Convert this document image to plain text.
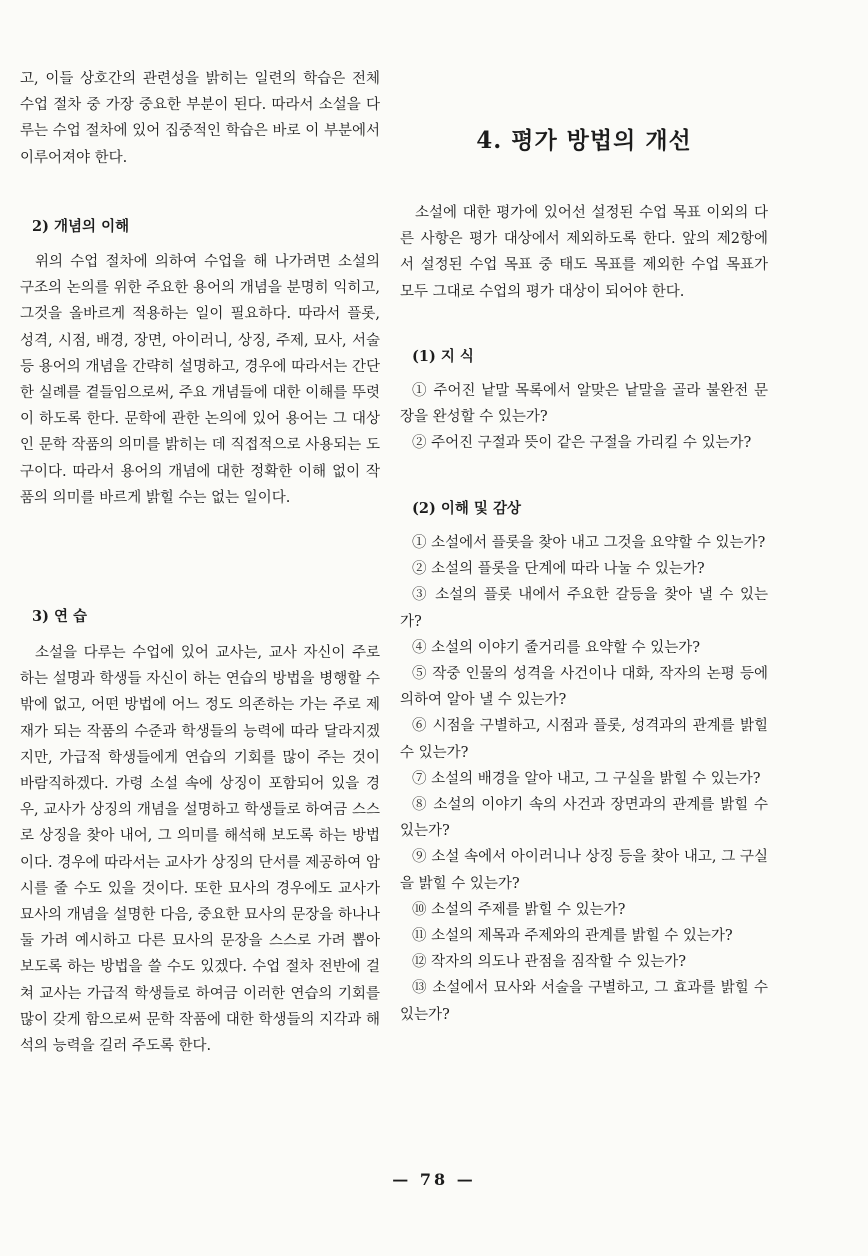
고, 이들 상호간의 관련성을 밝히는 일련의 학습은 전체 수업 절차 중 가장 중요한 부분이 된다. 따라서 소설을 다루는 수업 절차에 있어 집중적인 학습은 바로 이 부분에서 이루어져야 한다.

2) 개념의 이해

위의 수업 절차에 의하여 수업을 해 나가려면 소설의 구조의 논의를 위한 주요한 용어의 개념을 분명히 익히고, 그것을 올바르게 적용하는 일이 필요하다. 따라서 플롯, 성격, 시점, 배경, 장면, 아이러니, 상징, 주제, 묘사, 서술 등 용어의 개념을 간략히 설명하고, 경우에 따라서는 간단한 실례를 곁들임으로써, 주요 개념들에 대한 이해를 뚜렷이 하도록 한다. 문학에 관한 논의에 있어 용어는 그 대상인 문학 작품의 의미를 밝히는 데 직접적으로 사용되는 도구이다. 따라서 용어의 개념에 대한 정확한 이해 없이 작품의 의미를 바르게 밝힐 수는 없는 일이다.

3) 연 습

소설을 다루는 수업에 있어 교사는, 교사 자신이 주로 하는 설명과 학생들 자신이 하는 연습의 방법을 병행할 수밖에 없고, 어떤 방법에 어느 정도 의존하는 가는 주로 제재가 되는 작품의 수준과 학생들의 능력에 따라 달라지겠지만, 가급적 학생들에게 연습의 기회를 많이 주는 것이 바람직하겠다. 가령 소설 속에 상징이 포함되어 있을 경우, 교사가 상징의 개념을 설명하고 학생들로 하여금 스스로 상징을 찾아 내어, 그 의미를 해석해 보도록 하는 방법이다. 경우에 따라서는 교사가 상징의 단서를 제공하여 암시를 줄 수도 있을 것이다. 또한 묘사의 경우에도 교사가 묘사의 개념을 설명한 다음, 중요한 묘사의 문장을 하나나 둘 가려 예시하고 다른 묘사의 문장을 스스로 가려 뽑아 보도록 하는 방법을 쓸 수도 있겠다. 수업 절차 전반에 걸쳐 교사는 가급적 학생들로 하여금 이러한 연습의 기회를 많이 갖게 함으로써 문학 작품에 대한 학생들의 지각과 해석의 능력을 길러 주도록 한다.

4. 평가 방법의 개선

소설에 대한 평가에 있어선 설정된 수업 목표 이외의 다른 사항은 평가 대상에서 제외하도록 한다. 앞의 제2항에서 설정된 수업 목표 중 태도 목표를 제외한 수업 목표가 모두 그대로 수업의 평가 대상이 되어야 한다.

(1) 지 식

① 주어진 낱말 목록에서 알맞은 낱말을 골라 불완전 문장을 완성할 수 있는가?

② 주어진 구절과 뜻이 같은 구절을 가리킬 수 있는가?

(2) 이해 및 감상

① 소설에서 플롯을 찾아 내고 그것을 요약할 수 있는가?

② 소설의 플롯을 단계에 따라 나눌 수 있는가?

③ 소설의 플롯 내에서 주요한 갈등을 찾아 낼 수 있는가?

④ 소설의 이야기 줄거리를 요약할 수 있는가?

⑤ 작중 인물의 성격을 사건이나 대화, 작자의 논평 등에 의하여 알아 낼 수 있는가?

⑥ 시점을 구별하고, 시점과 플롯, 성격과의 관계를 밝힐 수 있는가?

⑦ 소설의 배경을 알아 내고, 그 구실을 밝힐 수 있는가?

⑧ 소설의 이야기 속의 사건과 장면과의 관계를 밝힐 수 있는가?

⑨ 소설 속에서 아이러니나 상징 등을 찾아 내고, 그 구실을 밝힐 수 있는가?

⑩ 소설의 주제를 밝힐 수 있는가?

⑪ 소설의 제목과 주제와의 관계를 밝힐 수 있는가?

⑫ 작자의 의도나 관점을 짐작할 수 있는가?

⑬ 소설에서 묘사와 서술을 구별하고, 그 효과를 밝힐 수 있는가?

— 78 —
